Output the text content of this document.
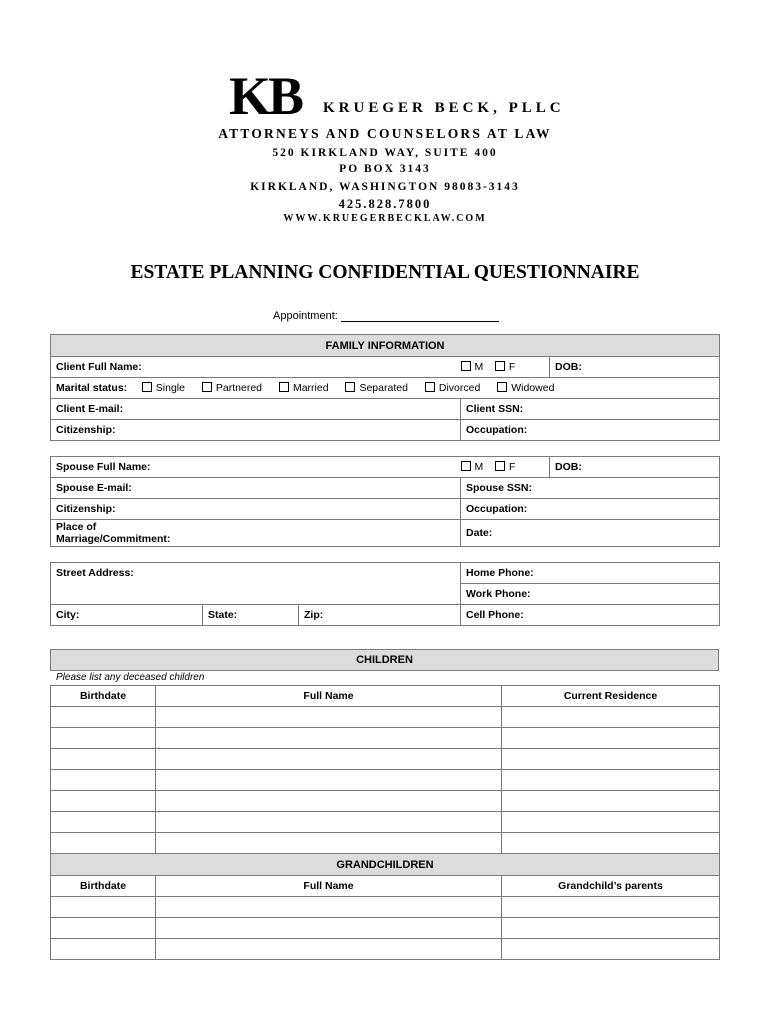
KB KRUEGER BECK, PLLC
ATTORNEYS AND COUNSELORS AT LAW
520 KIRKLAND WAY, SUITE 400
PO BOX 3143
KIRKLAND, WASHINGTON 98083-3143
425.828.7800
WWW.KRUEGERBECKLAW.COM
ESTATE PLANNING CONFIDENTIAL QUESTIONNAIRE
Appointment:
FAMILY INFORMATION		
Client Full Name:	M F	DOB:
Marital status: Single Partnered Married Separated Divorced Widowed		
Client E-mail:	Client SSN:	
Citizenship:	Occupation:	
Spouse Full Name:	M F	DOB:
Spouse E-mail:	Spouse SSN:	
Citizenship:	Occupation:	
Place of
Marriage/Commitment:	Date:	
Street Address:			Home Phone:
			Work Phone:
City:	State:	Zip:	Cell Phone:
CHILDREN
Please list any deceased children
Birthdate	Full Name	Current Residence

GRANDCHILDREN		
Birthdate	Full Name	Grandchild’s parents
